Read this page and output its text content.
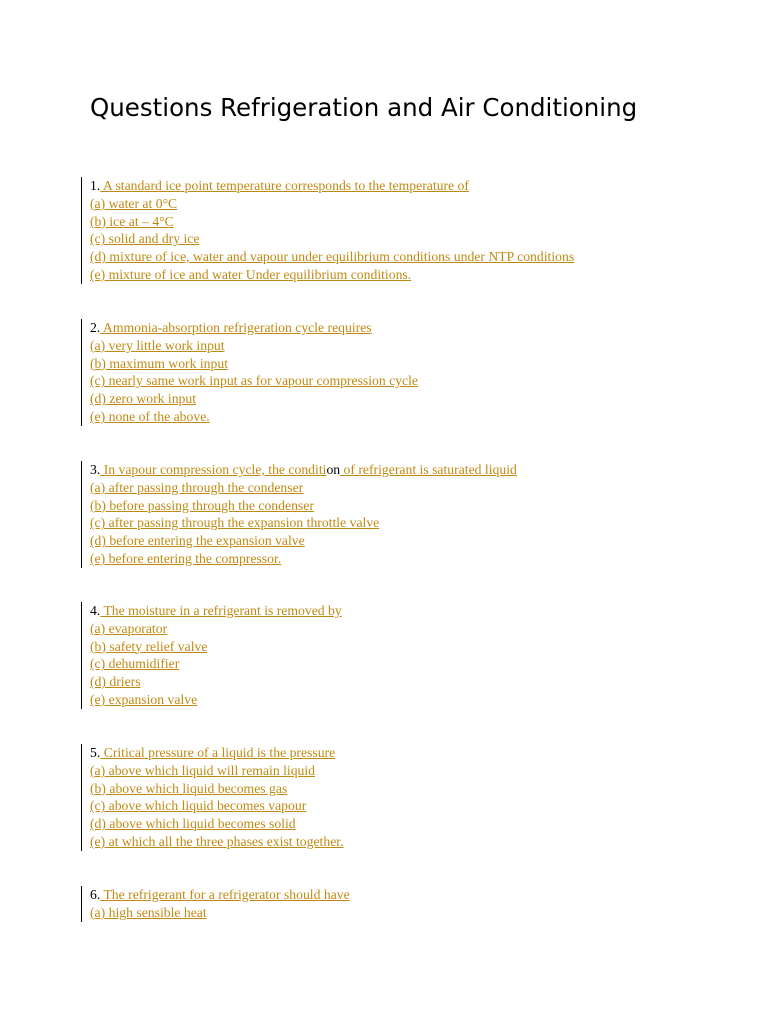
Questions Refrigeration and Air Conditioning
1. A standard ice point temperature corresponds to the temperature of
(a) water at 0°C
(b) ice at – 4°C
(c) solid and dry ice
(d) mixture of ice, water and vapour under equilibrium conditions under NTP conditions
(e) mixture of ice and water Under equilibrium conditions.
2. Ammonia-absorption refrigeration cycle requires
(a) very little work input
(b) maximum work input
(c) nearly same work input as for vapour compression cycle
(d) zero work input
(e) none of the above.
3. In vapour compression cycle, the condition of refrigerant is saturated liquid
(a) after passing through the condenser
(b) before passing through the condenser
(c) after passing through the expansion throttle valve
(d) before entering the expansion valve
(e) before entering the compressor.
4. The moisture in a refrigerant is removed by
(a) evaporator
(b) safety relief valve
(c) dehumidifier
(d) driers
(e) expansion valve
5. Critical pressure of a liquid is the pressure
(a) above which liquid will remain liquid
(b) above which liquid becomes gas
(c) above which liquid becomes vapour
(d) above which liquid becomes solid
(e) at which all the three phases exist together.
6. The refrigerant for a refrigerator should have
(a) high sensible heat
